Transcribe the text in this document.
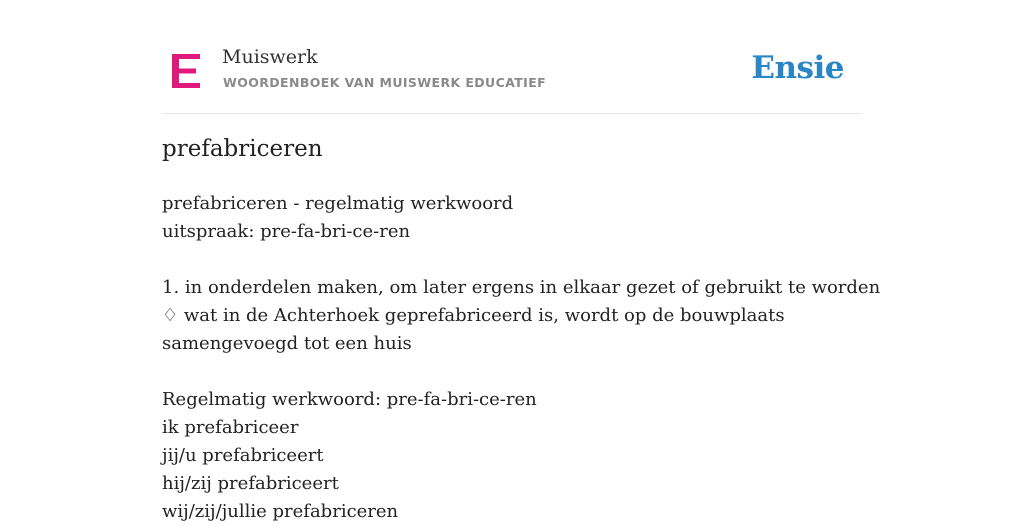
Muiswerk
WOORDENBOEK VAN MUISWERK EDUCATIEF	Ensie
prefabriceren
prefabriceren - regelmatig werkwoord
uitspraak: pre-fa-bri-ce-ren
1. in onderdelen maken, om later ergens in elkaar gezet of gebruikt te worden
♢ wat in de Achterhoek geprefabriceerd is, wordt op de bouwplaats
samengevoegd tot een huis
Regelmatig werkwoord: pre-fa-bri-ce-ren
ik prefabriceer
jij/u prefabriceert
hij/zij prefabriceert
wij/zij/jullie prefabriceren
